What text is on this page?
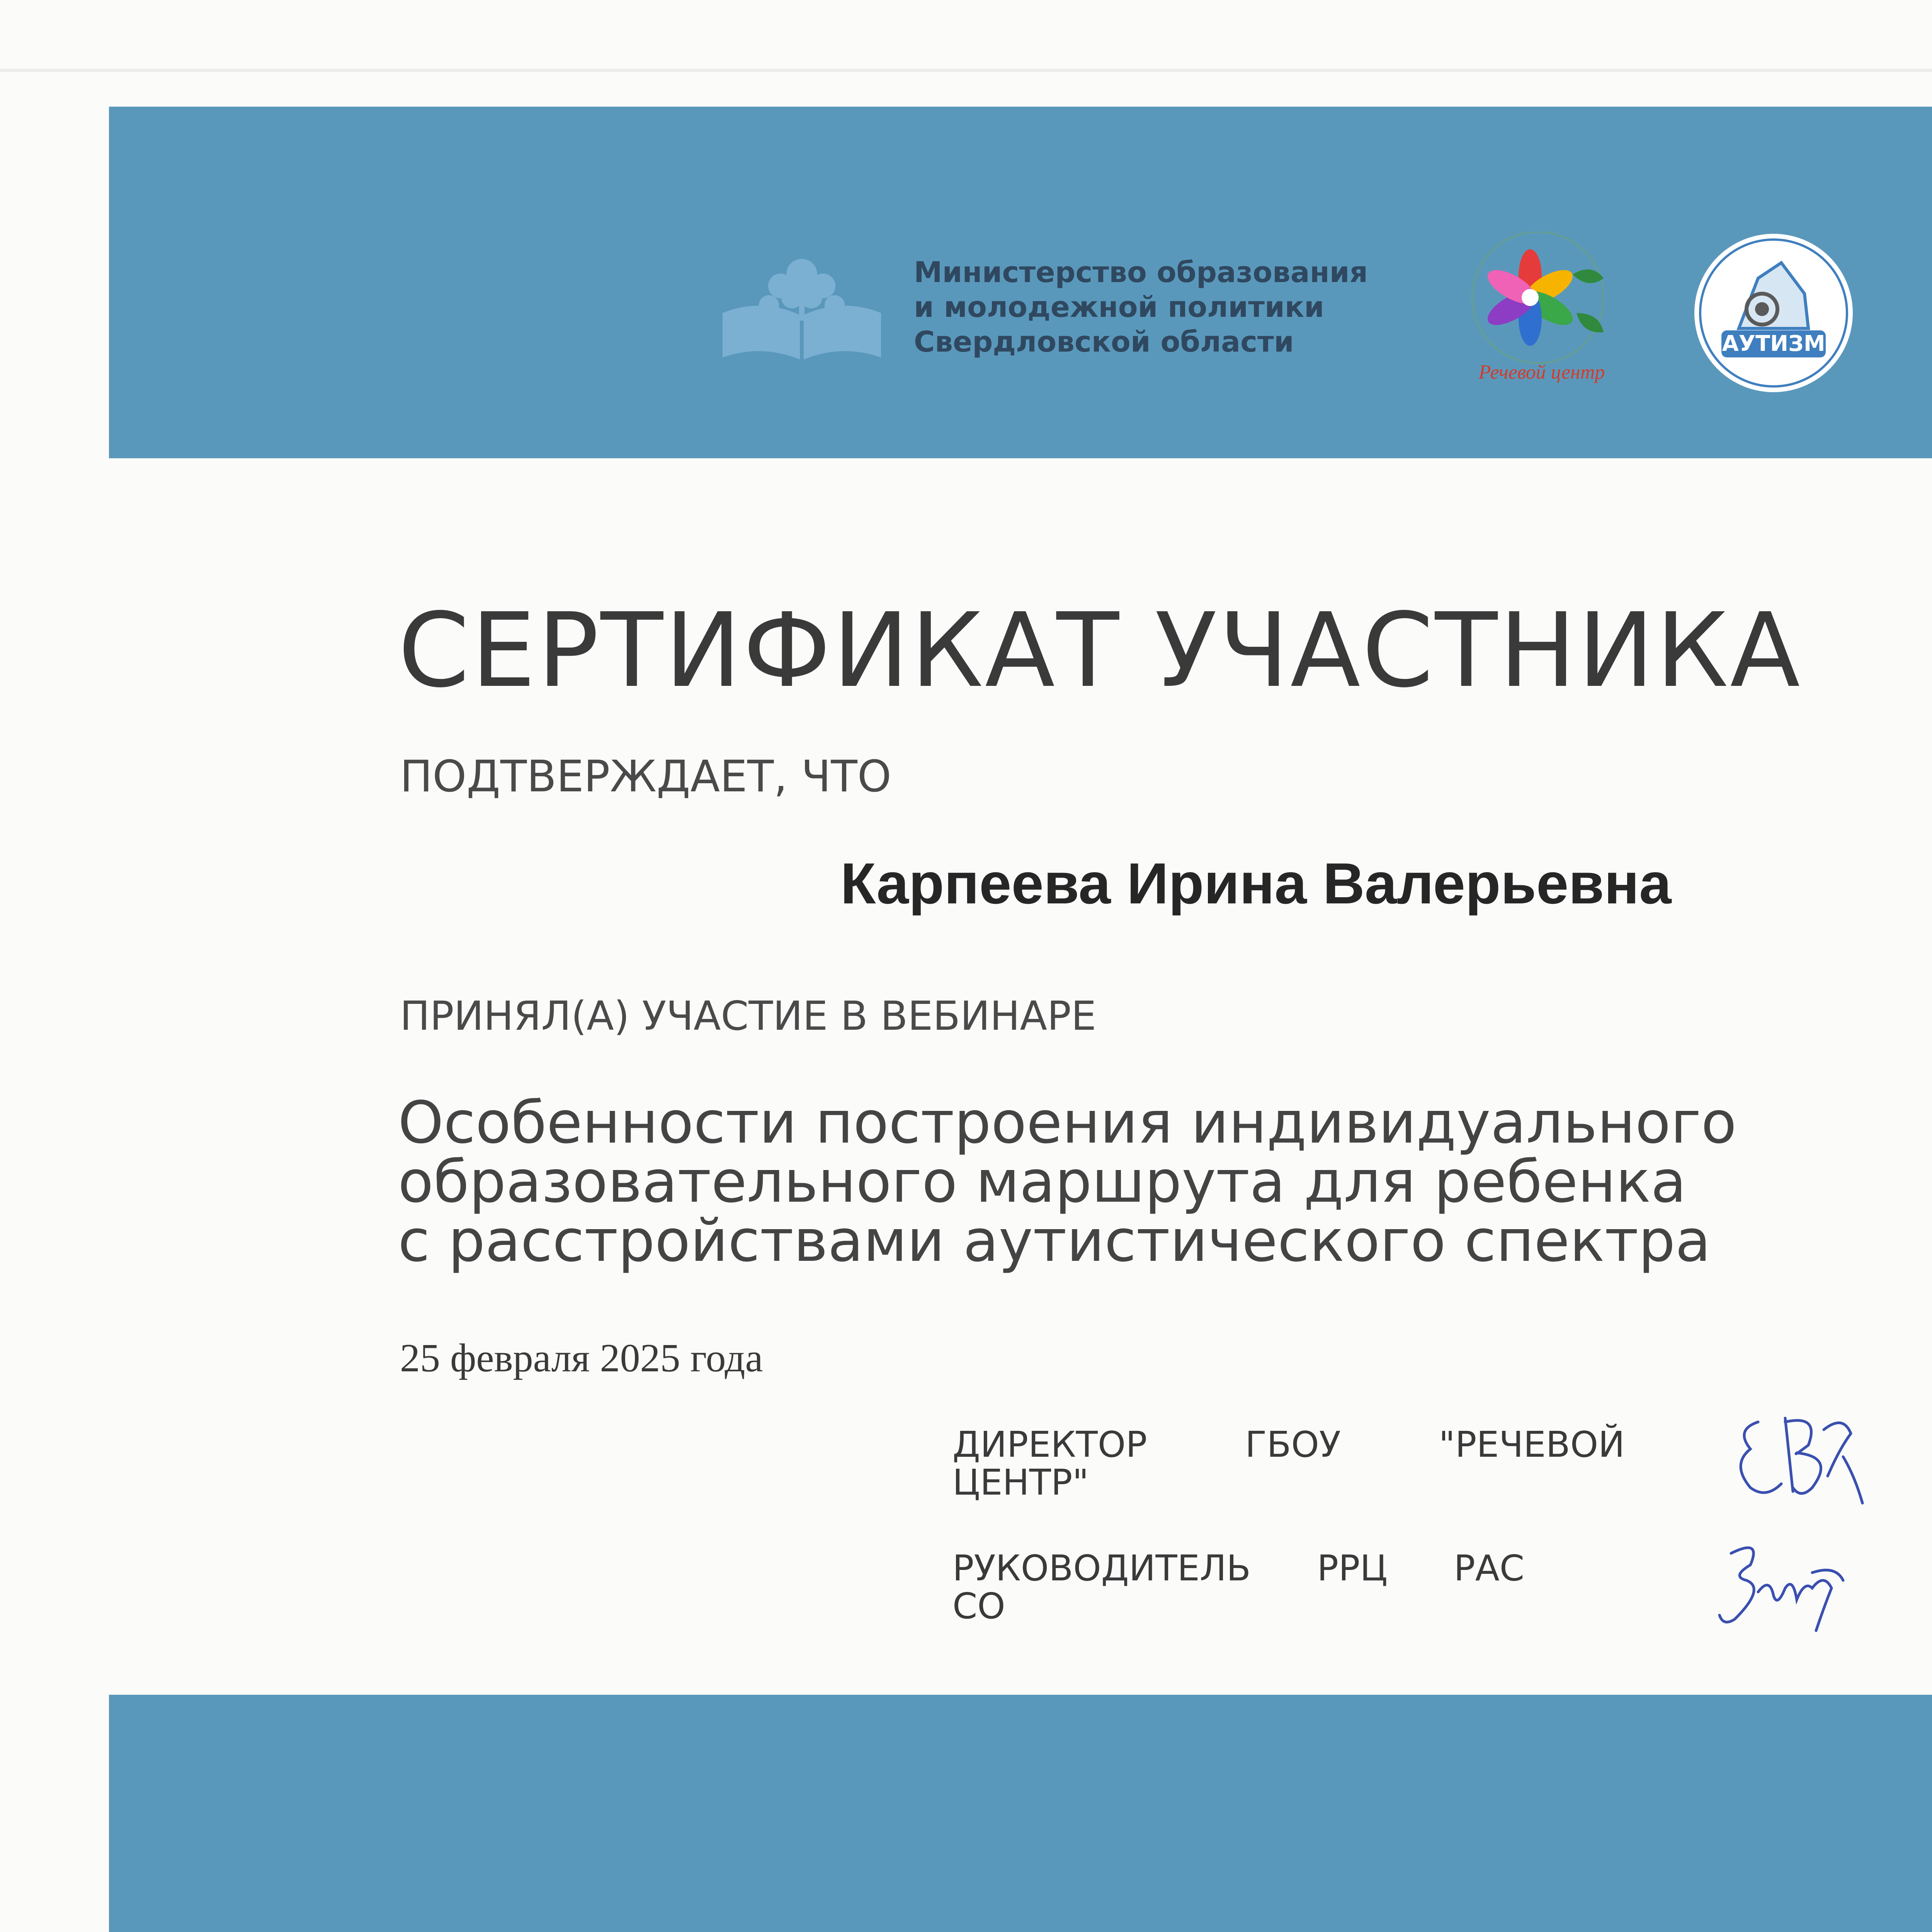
Министерство образования
и молодежной политики
Свердловской области
Речевой центр
АУТИЗМ
СЕРТИФИКАТ УЧАСТНИКА
ПОДТВЕРЖДАЕТ, ЧТО
Карпеева Ирина Валерьевна
ПРИНЯЛ(А) УЧАСТИЕ В ВЕБИНАРЕ
Особенности построения индивидуального
образовательного маршрута для ребенка
с расстройствами аутистического спектра
25 февраля 2025 года
ДИРЕКТОР	ГБОУ	"РЕЧЕВОЙ
ЦЕНТР"
РУКОВОДИТЕЛЬ РРЦ РАС
СО
